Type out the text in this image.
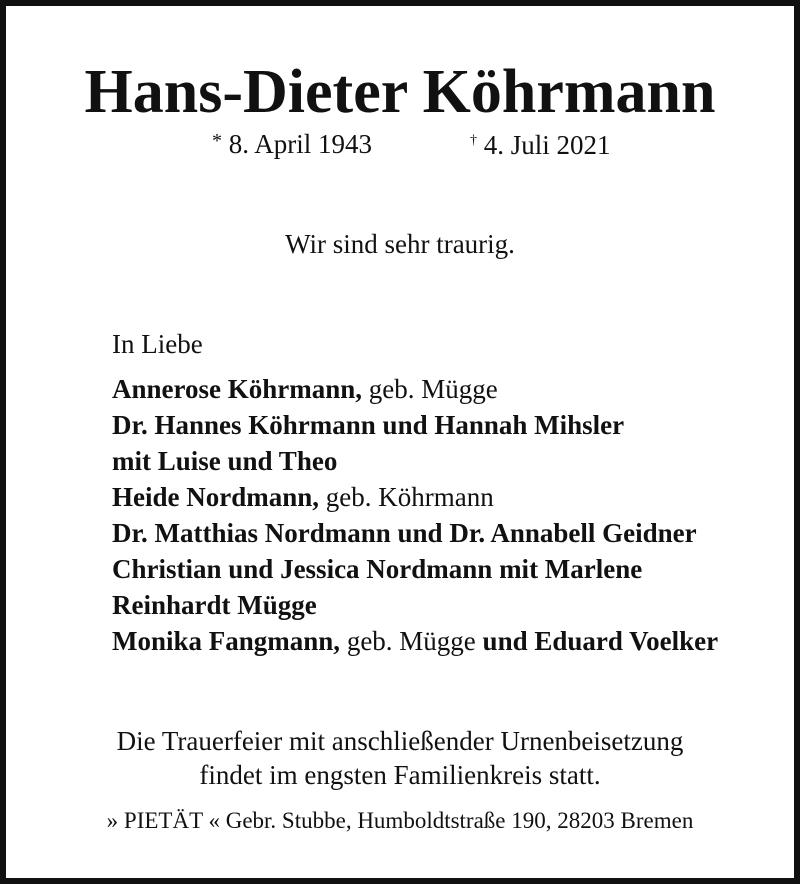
Hans-Dieter Köhrmann
* 8. April 1943	† 4. Juli 2021
Wir sind sehr traurig.
In Liebe
Annerose Köhrmann, geb. Mügge
Dr. Hannes Köhrmann und Hannah Mihsler
mit Luise und Theo
Heide Nordmann, geb. Köhrmann
Dr. Matthias Nordmann und Dr. Annabell Geidner
Christian und Jessica Nordmann mit Marlene
Reinhardt Mügge
Monika Fangmann, geb. Mügge und Eduard Voelker
Die Trauerfeier mit anschließender Urnenbeisetzung
findet im engsten Familienkreis statt.
» PIETÄT « Gebr. Stubbe, Humboldtstraße 190, 28203 Bremen
